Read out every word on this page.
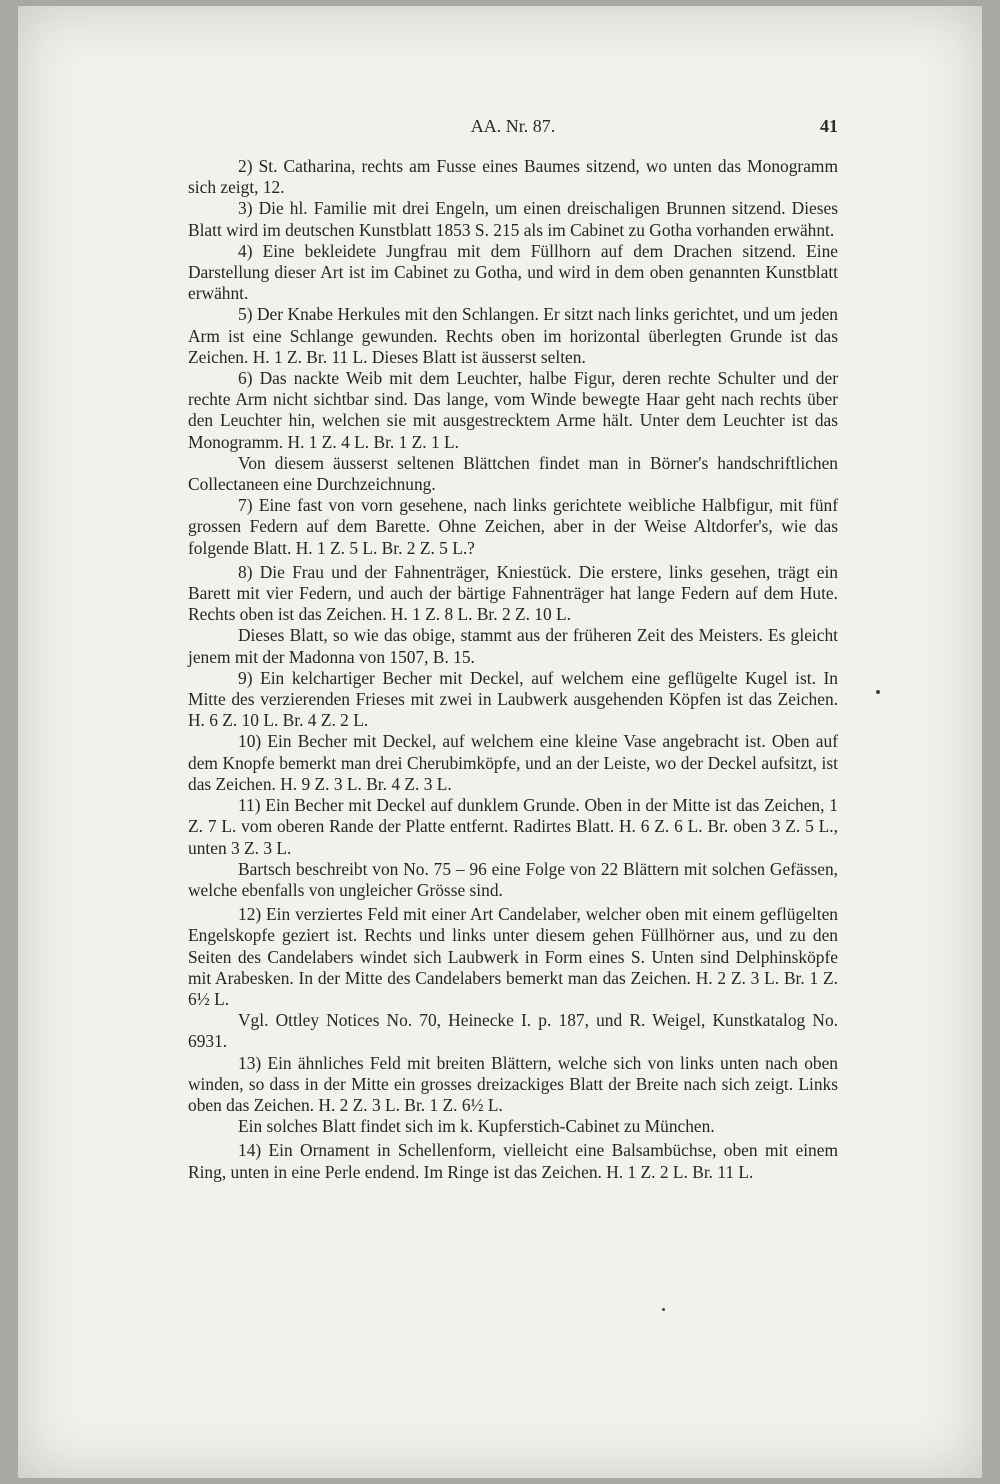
AA. Nr. 87.	41

2) St. Catharina, rechts am Fusse eines Baumes sitzend, wo unten das Monogramm sich zeigt, 12.

3) Die hl. Familie mit drei Engeln, um einen dreischaligen Brunnen sitzend. Dieses Blatt wird im deutschen Kunstblatt 1853 S. 215 als im Cabinet zu Gotha vorhanden erwähnt.

4) Eine bekleidete Jungfrau mit dem Füllhorn auf dem Drachen sitzend. Eine Darstellung dieser Art ist im Cabinet zu Gotha, und wird in dem oben genannten Kunstblatt erwähnt.

5) Der Knabe Herkules mit den Schlangen. Er sitzt nach links gerichtet, und um jeden Arm ist eine Schlange gewunden. Rechts oben im horizontal überlegten Grunde ist das Zeichen. H. 1 Z. Br. 11 L. Dieses Blatt ist äusserst selten.

6) Das nackte Weib mit dem Leuchter, halbe Figur, deren rechte Schulter und der rechte Arm nicht sichtbar sind. Das lange, vom Winde bewegte Haar geht nach rechts über den Leuchter hin, welchen sie mit ausgestrecktem Arme hält. Unter dem Leuchter ist das Monogramm. H. 1 Z. 4 L. Br. 1 Z. 1 L.

Von diesem äusserst seltenen Blättchen findet man in Börner's handschriftlichen Collectaneen eine Durchzeichnung.

7) Eine fast von vorn gesehene, nach links gerichtete weibliche Halbfigur, mit fünf grossen Federn auf dem Barette. Ohne Zeichen, aber in der Weise Altdorfer's, wie das folgende Blatt. H. 1 Z. 5 L. Br. 2 Z. 5 L.?

8) Die Frau und der Fahnenträger, Kniestück. Die erstere, links gesehen, trägt ein Barett mit vier Federn, und auch der bärtige Fahnenträger hat lange Federn auf dem Hute. Rechts oben ist das Zeichen. H. 1 Z. 8 L. Br. 2 Z. 10 L.

Dieses Blatt, so wie das obige, stammt aus der früheren Zeit des Meisters. Es gleicht jenem mit der Madonna von 1507, B. 15.

9) Ein kelchartiger Becher mit Deckel, auf welchem eine geflügelte Kugel ist. In Mitte des verzierenden Frieses mit zwei in Laubwerk ausgehenden Köpfen ist das Zeichen. H. 6 Z. 10 L. Br. 4 Z. 2 L.

10) Ein Becher mit Deckel, auf welchem eine kleine Vase angebracht ist. Oben auf dem Knopfe bemerkt man drei Cherubimköpfe, und an der Leiste, wo der Deckel aufsitzt, ist das Zeichen. H. 9 Z. 3 L. Br. 4 Z. 3 L.

11) Ein Becher mit Deckel auf dunklem Grunde. Oben in der Mitte ist das Zeichen, 1 Z. 7 L. vom oberen Rande der Platte entfernt. Radirtes Blatt. H. 6 Z. 6 L. Br. oben 3 Z. 5 L., unten 3 Z. 3 L.

Bartsch beschreibt von No. 75 – 96 eine Folge von 22 Blättern mit solchen Gefässen, welche ebenfalls von ungleicher Grösse sind.

12) Ein verziertes Feld mit einer Art Candelaber, welcher oben mit einem geflügelten Engelskopfe geziert ist. Rechts und links unter diesem gehen Füllhörner aus, und zu den Seiten des Candelabers windet sich Laubwerk in Form eines S. Unten sind Delphinsköpfe mit Arabesken. In der Mitte des Candelabers bemerkt man das Zeichen. H. 2 Z. 3 L. Br. 1 Z. 6½ L.

Vgl. Ottley Notices No. 70, Heinecke I. p. 187, und R. Weigel, Kunstkatalog No. 6931.

13) Ein ähnliches Feld mit breiten Blättern, welche sich von links unten nach oben winden, so dass in der Mitte ein grosses dreizackiges Blatt der Breite nach sich zeigt. Links oben das Zeichen. H. 2 Z. 3 L. Br. 1 Z. 6½ L.

Ein solches Blatt findet sich im k. Kupferstich-Cabinet zu München.

14) Ein Ornament in Schellenform, vielleicht eine Balsambüchse, oben mit einem Ring, unten in eine Perle endend. Im Ringe ist das Zeichen. H. 1 Z. 2 L. Br. 11 L.
